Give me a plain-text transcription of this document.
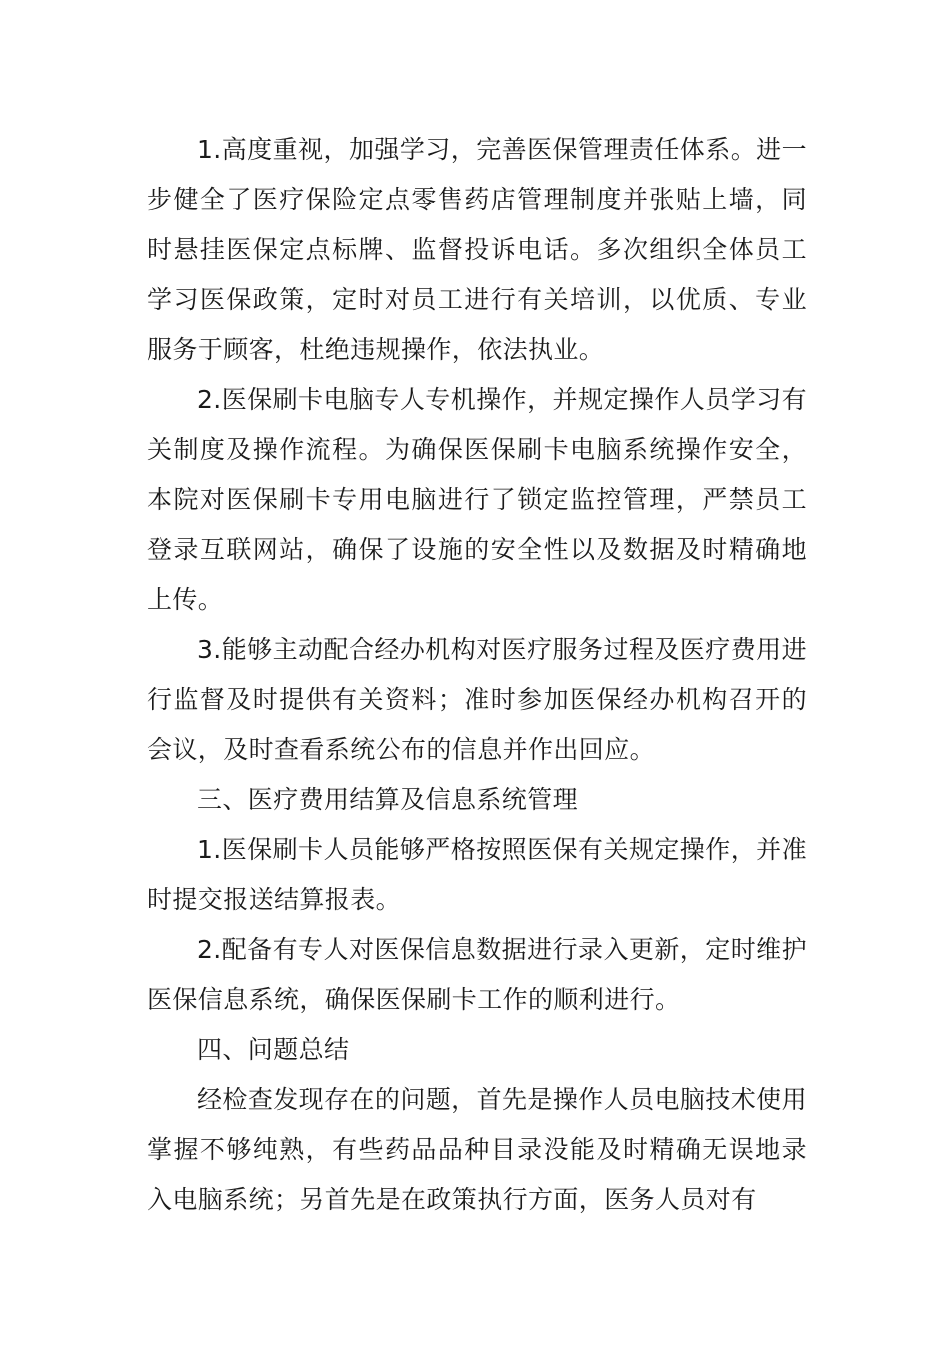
1.高度重视，加强学习，完善医保管理责任体系。进一步健全了医疗保险定点零售药店管理制度并张贴上墙，同时悬挂医保定点标牌、监督投诉电话。多次组织全体员工学习医保政策，定时对员工进行有关培训，以优质、专业服务于顾客，杜绝违规操作，依法执业。

2.医保刷卡电脑专人专机操作，并规定操作人员学习有关制度及操作流程。为确保医保刷卡电脑系统操作安全，本院对医保刷卡专用电脑进行了锁定监控管理，严禁员工登录互联网站，确保了设施的安全性以及数据及时精确地上传。

3.能够主动配合经办机构对医疗服务过程及医疗费用进行监督及时提供有关资料；准时参加医保经办机构召开的会议，及时查看系统公布的信息并作出回应。

三、医疗费用结算及信息系统管理

1.医保刷卡人员能够严格按照医保有关规定操作，并准时提交报送结算报表。

2.配备有专人对医保信息数据进行录入更新，定时维护医保信息系统，确保医保刷卡工作的顺利进行。

四、问题总结

经检查发现存在的问题，首先是操作人员电脑技术使用掌握不够纯熟，有些药品品种目录没能及时精确无误地录入电脑系统；另首先是在政策执行方面，医务人员对有
